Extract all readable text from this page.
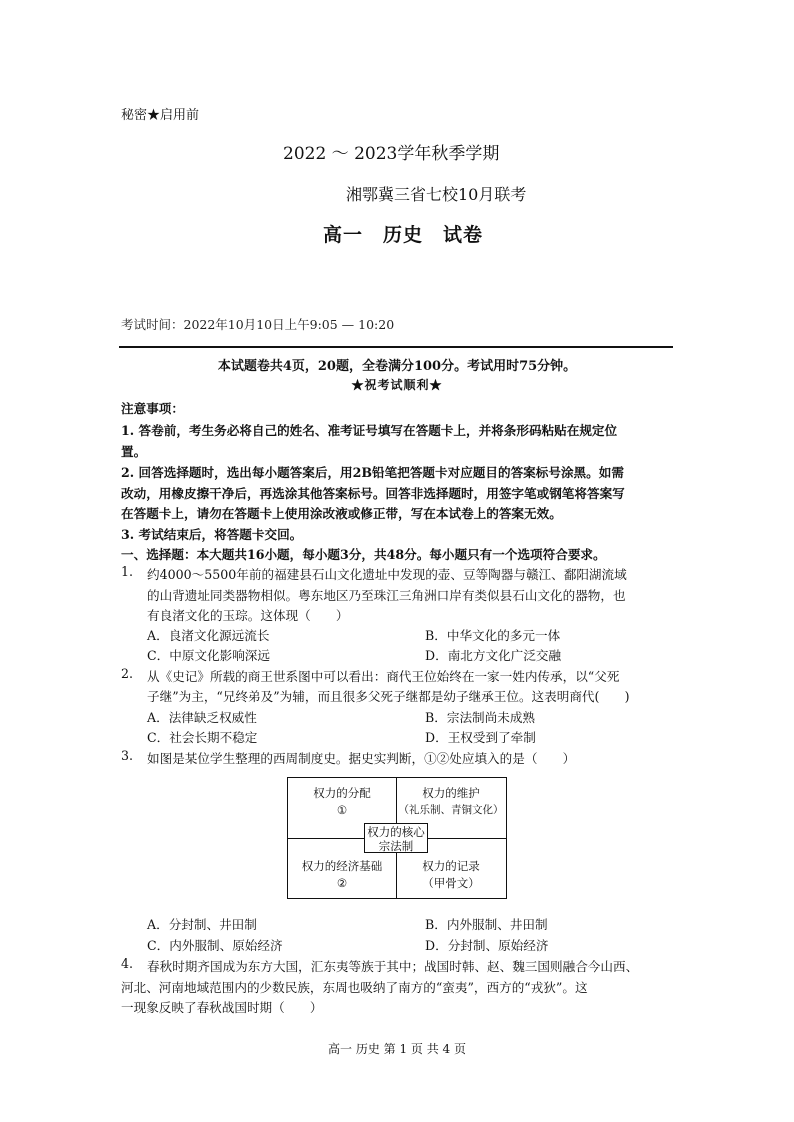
秘密★启用前
2022 ～ 2023学年秋季学期
湘鄂冀三省七校10月联考
高一　历史　试卷
考试时间：2022年10月10日上午9:05 — 10:20
本试题卷共4页，20题，全卷满分100分。考试用时75分钟。
★祝考试顺利★
注意事项：
1. 答卷前，考生务必将自己的姓名、准考证号填写在答题卡上，并将条形码粘贴在规定位
置。
2. 回答选择题时，选出每小题答案后，用2B铅笔把答题卡对应题目的答案标号涂黑。如需
改动，用橡皮擦干净后，再选涂其他答案标号。回答非选择题时，用签字笔或钢笔将答案写
在答题卡上，请勿在答题卡上使用涂改液或修正带，写在本试卷上的答案无效。
3. 考试结束后，将答题卡交回。
一、选择题：本大题共16小题，每小题3分，共48分。每小题只有一个选项符合要求。
1. 约4000～5500年前的福建县石山文化遗址中发现的壶、豆等陶器与赣江、鄱阳湖流域
的山背遗址同类器物相似。粤东地区乃至珠江三角洲口岸有类似县石山文化的器物，也
有良渚文化的玉琮。这体现（　　）
A．良渚文化源远流长	B．中华文化的多元一体
C．中原文化影响深远	D．南北方文化广泛交融
2. 从《史记》所载的商王世系图中可以看出：商代王位始终在一家一姓内传承，以“父死
子继”为主，“兄终弟及”为辅，而且很多父死子继都是幼子继承王位。这表明商代(　　)
A．法律缺乏权威性	B．宗法制尚未成熟
C．社会长期不稳定	D．王权受到了牵制
3. 如图是某位学生整理的西周制度史。据史实判断，①②处应填入的是（　　）
权力的分配
①
权力的维护
（礼乐制、青铜文化）
权力的经济基础
②
权力的记录
（甲骨文）
权力的核心
宗法制
A．分封制、井田制	B．内外服制、井田制
C．内外服制、原始经济	D．分封制、原始经济
4. 春秋时期齐国成为东方大国，汇东夷等族于其中；战国时韩、赵、魏三国则融合今山西、
河北、河南地域范围内的少数民族，东周也吸纳了南方的“蛮夷”，西方的“戎狄”。这
一现象反映了春秋战国时期（　　）
高一 历史 第 1 页 共 4 页
